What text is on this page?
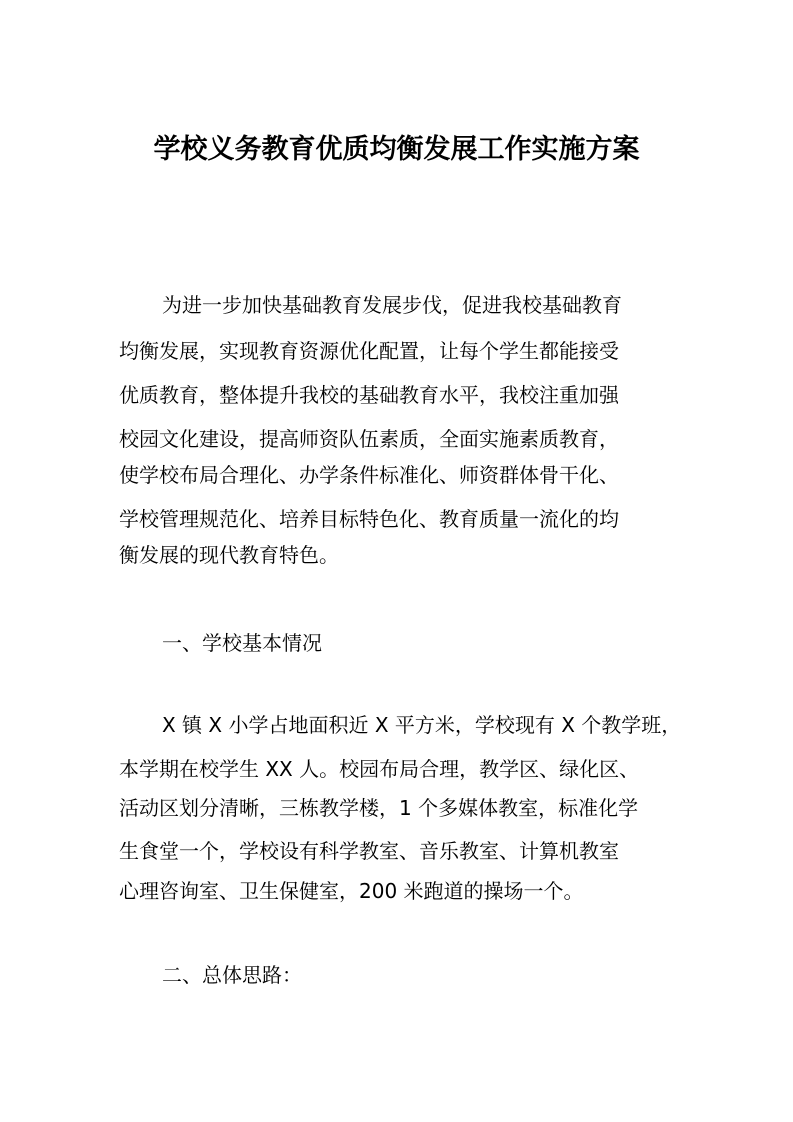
学校义务教育优质均衡发展工作实施方案
为进一步加快基础教育发展步伐，促进我校基础教育
均衡发展，实现教育资源优化配置，让每个学生都能接受
优质教育，整体提升我校的基础教育水平，我校注重加强
校园文化建设，提高师资队伍素质，全面实施素质教育，
使学校布局合理化、办学条件标准化、师资群体骨干化、
学校管理规范化、培养目标特色化、教育质量一流化的均
衡发展的现代教育特色。
一、学校基本情况
X 镇 X 小学占地面积近 X 平方米，学校现有 X 个教学班，
本学期在校学生 XX 人。校园布局合理，教学区、绿化区、
活动区划分清晰，三栋教学楼，1 个多媒体教室，标准化学
生食堂一个，学校设有科学教室、音乐教室、计算机教室
心理咨询室、卫生保健室，200 米跑道的操场一个。
二、总体思路：
